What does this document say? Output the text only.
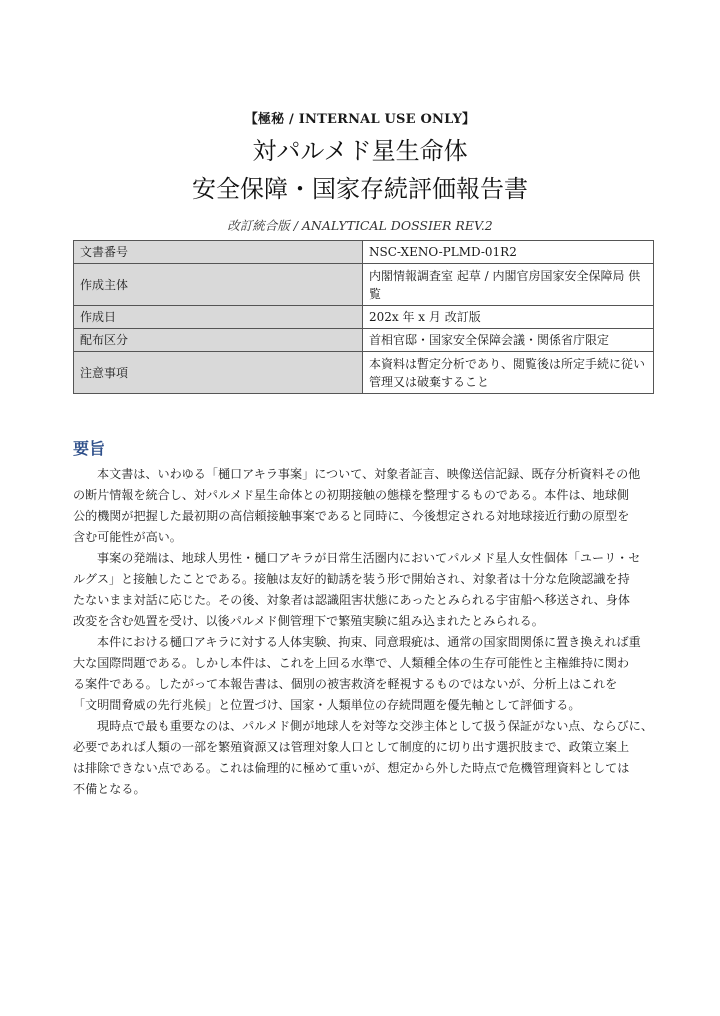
【極秘 / INTERNAL USE ONLY】
対パルメド星生命体
安全保障・国家存続評価報告書
改訂統合版 / ANALYTICAL DOSSIER REV.2
文書番号	NSC-XENO-PLMD-01R2
作成主体	内閣情報調査室 起草 / 内閣官房国家安全保障局 供覧
作成日	202x 年 x 月 改訂版
配布区分	首相官邸・国家安全保障会議・関係省庁限定
注意事項	本資料は暫定分析であり、閲覧後は所定手続に従い管理又は破棄すること
要旨

本文書は、いわゆる「樋口アキラ事案」について、対象者証言、映像送信記録、既存分析資料その他
の断片情報を統合し、対パルメド星生命体との初期接触の態様を整理するものである。本件は、地球側
公的機関が把握した最初期の高信頼接触事案であると同時に、今後想定される対地球接近行動の原型を
含む可能性が高い。

事案の発端は、地球人男性・樋口アキラが日常生活圏内においてパルメド星人女性個体「ユーリ・セ
ルグス」と接触したことである。接触は友好的勧誘を装う形で開始され、対象者は十分な危険認識を持
たないまま対話に応じた。その後、対象者は認識阻害状態にあったとみられる宇宙船へ移送され、身体
改変を含む処置を受け、以後パルメド側管理下で繁殖実験に組み込まれたとみられる。

本件における樋口アキラに対する人体実験、拘束、同意瑕疵は、通常の国家間関係に置き換えれば重
大な国際問題である。しかし本件は、これを上回る水準で、人類種全体の生存可能性と主権維持に関わ
る案件である。したがって本報告書は、個別の被害救済を軽視するものではないが、分析上はこれを
「文明間脅威の先行兆候」と位置づけ、国家・人類単位の存続問題を優先軸として評価する。

現時点で最も重要なのは、パルメド側が地球人を対等な交渉主体として扱う保証がない点、ならびに、
必要であれば人類の一部を繁殖資源又は管理対象人口として制度的に切り出す選択肢まで、政策立案上
は排除できない点である。これは倫理的に極めて重いが、想定から外した時点で危機管理資料としては
不備となる。
